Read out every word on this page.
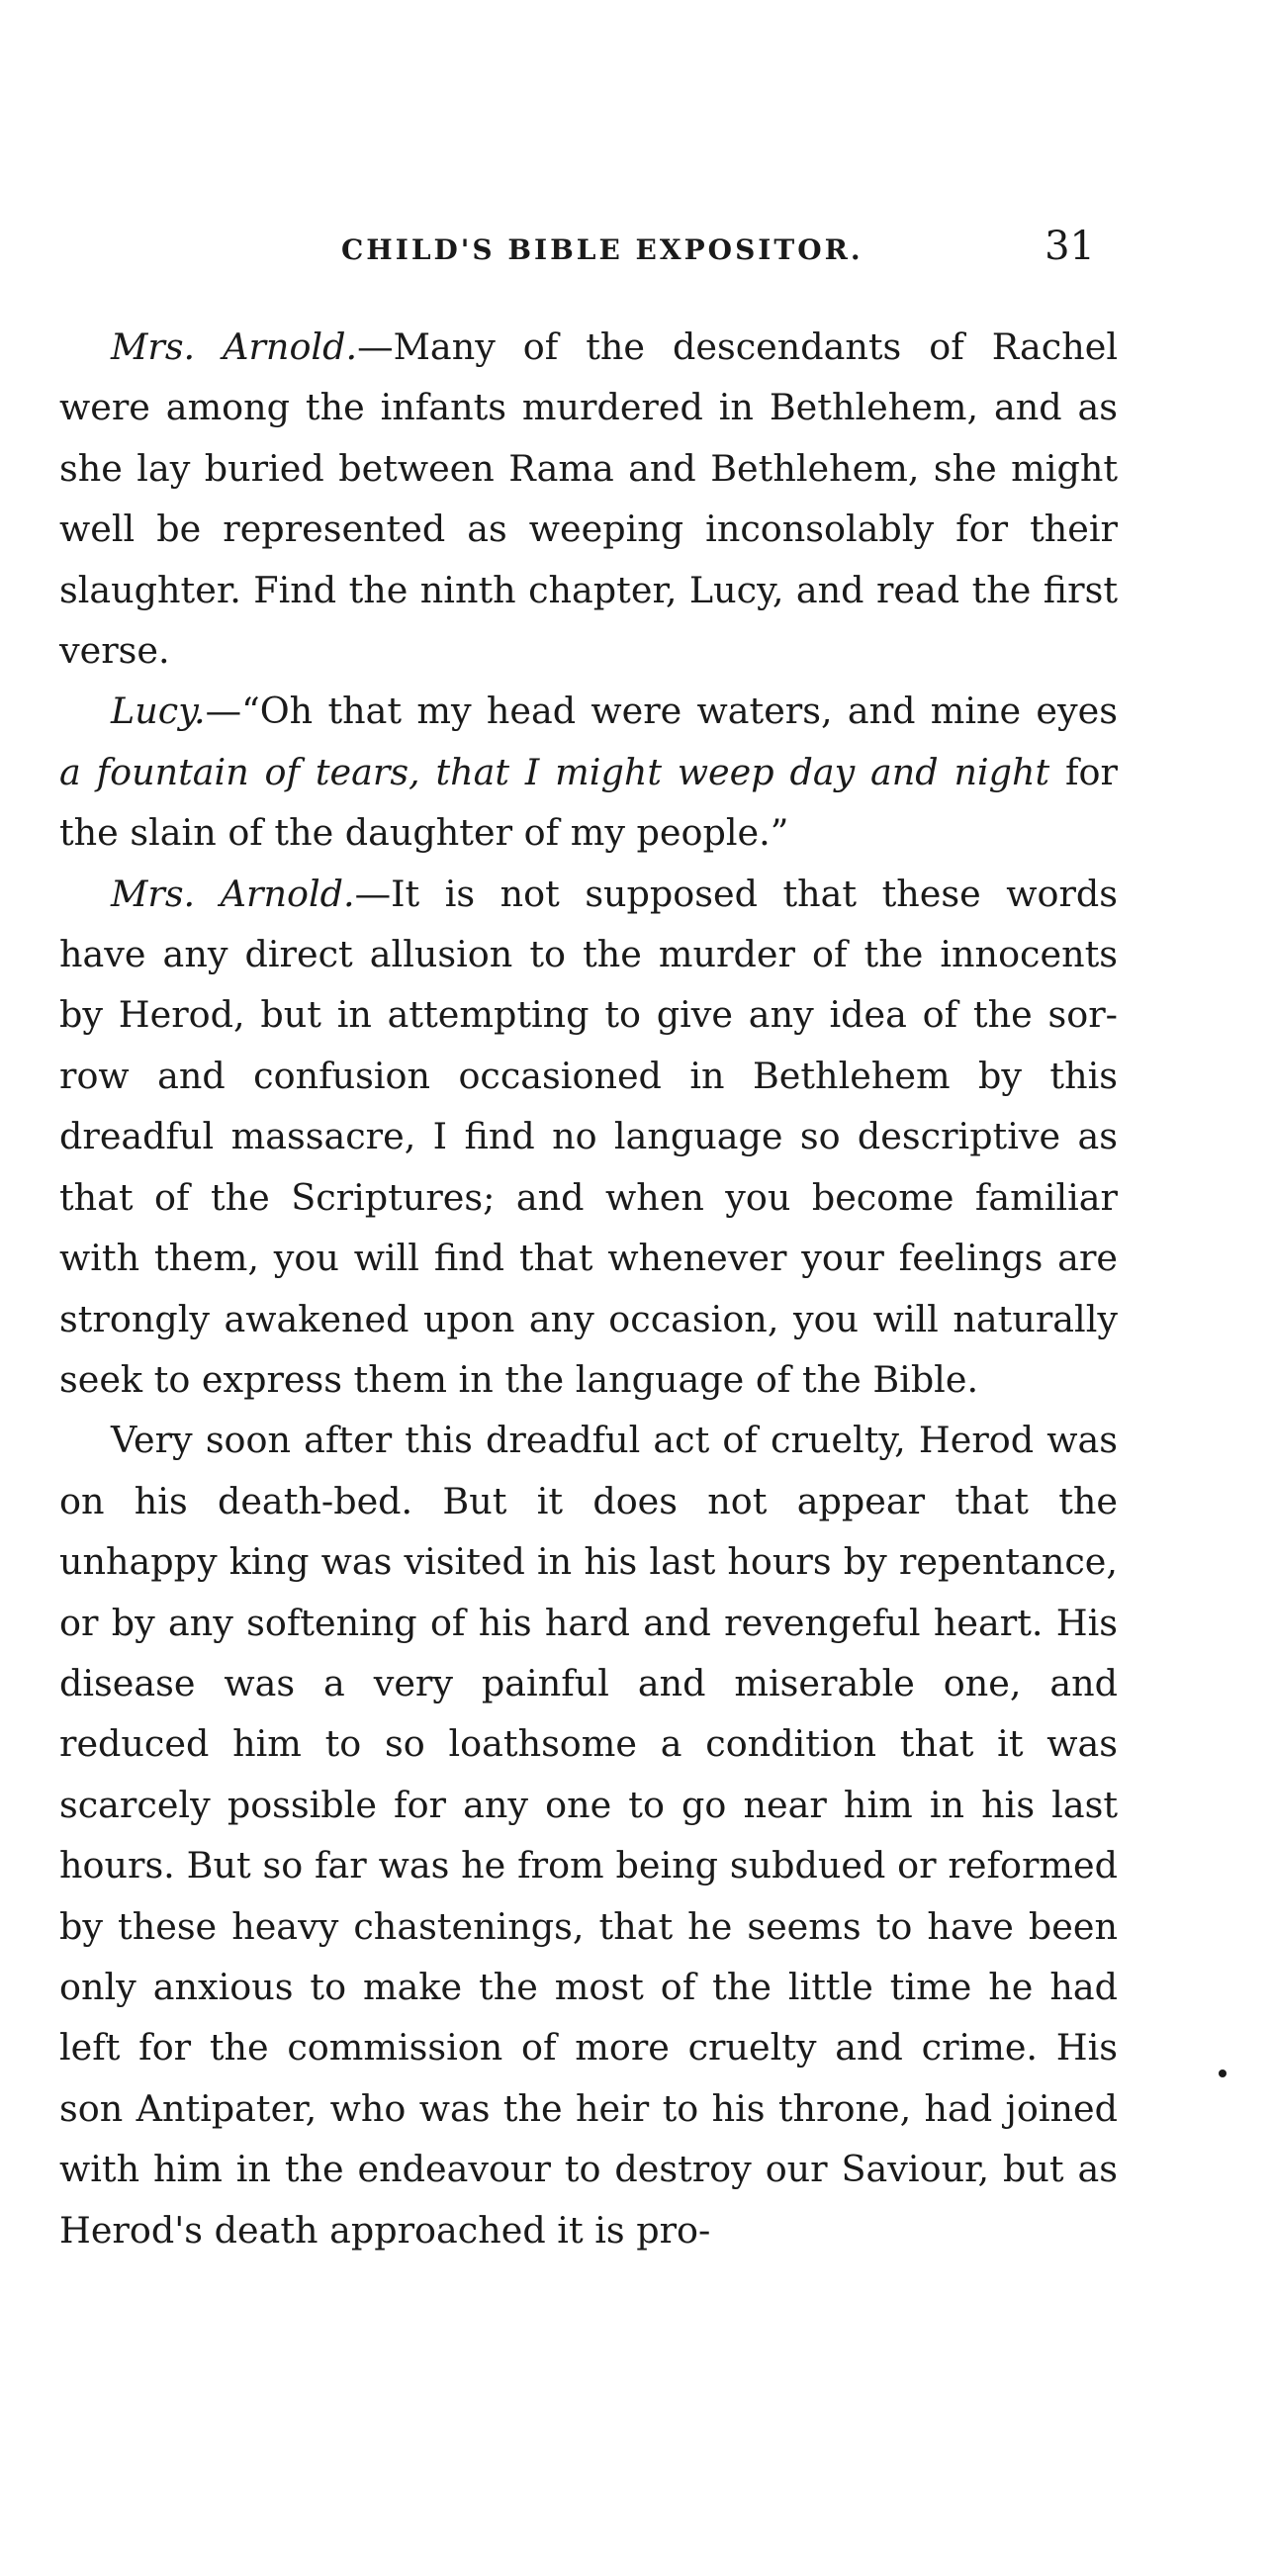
CHILD'S BIBLE EXPOSITOR.	31

Mrs. Arnold.—Many of the descendants of Rachel were among the infants murdered in Bethlehem, and as she lay buried between Rama and Bethlehem, she might well be represented as weeping inconsolably for their slaughter. Find the ninth chapter, Lucy, and read the first verse.

Lucy.—“Oh that my head were waters, and mine eyes a fountain of tears, that I might weep day and night for the slain of the daughter of my people.”

Mrs. Arnold.—It is not supposed that these words have any direct allusion to the murder of the innocents by Herod, but in attempting to give any idea of the sorrow and confusion occasioned in Bethlehem by this dreadful massacre, I find no language so descriptive as that of the Scriptures; and when you become familiar with them, you will find that whenever your feelings are strongly awakened upon any occasion, you will naturally seek to express them in the language of the Bible.

Very soon after this dreadful act of cruelty, Herod was on his death-bed. But it does not appear that the unhappy king was visited in his last hours by repentance, or by any softening of his hard and revengeful heart. His disease was a very painful and miserable one, and reduced him to so loathsome a condition that it was scarcely possible for any one to go near him in his last hours. But so far was he from being subdued or reformed by these heavy chastenings, that he seems to have been only anxious to make the most of the little time he had left for the commission of more cruelty and crime. His son Antipater, who was the heir to his throne, had joined with him in the endeavour to destroy our Saviour, but as Herod's death approached it is pro-
